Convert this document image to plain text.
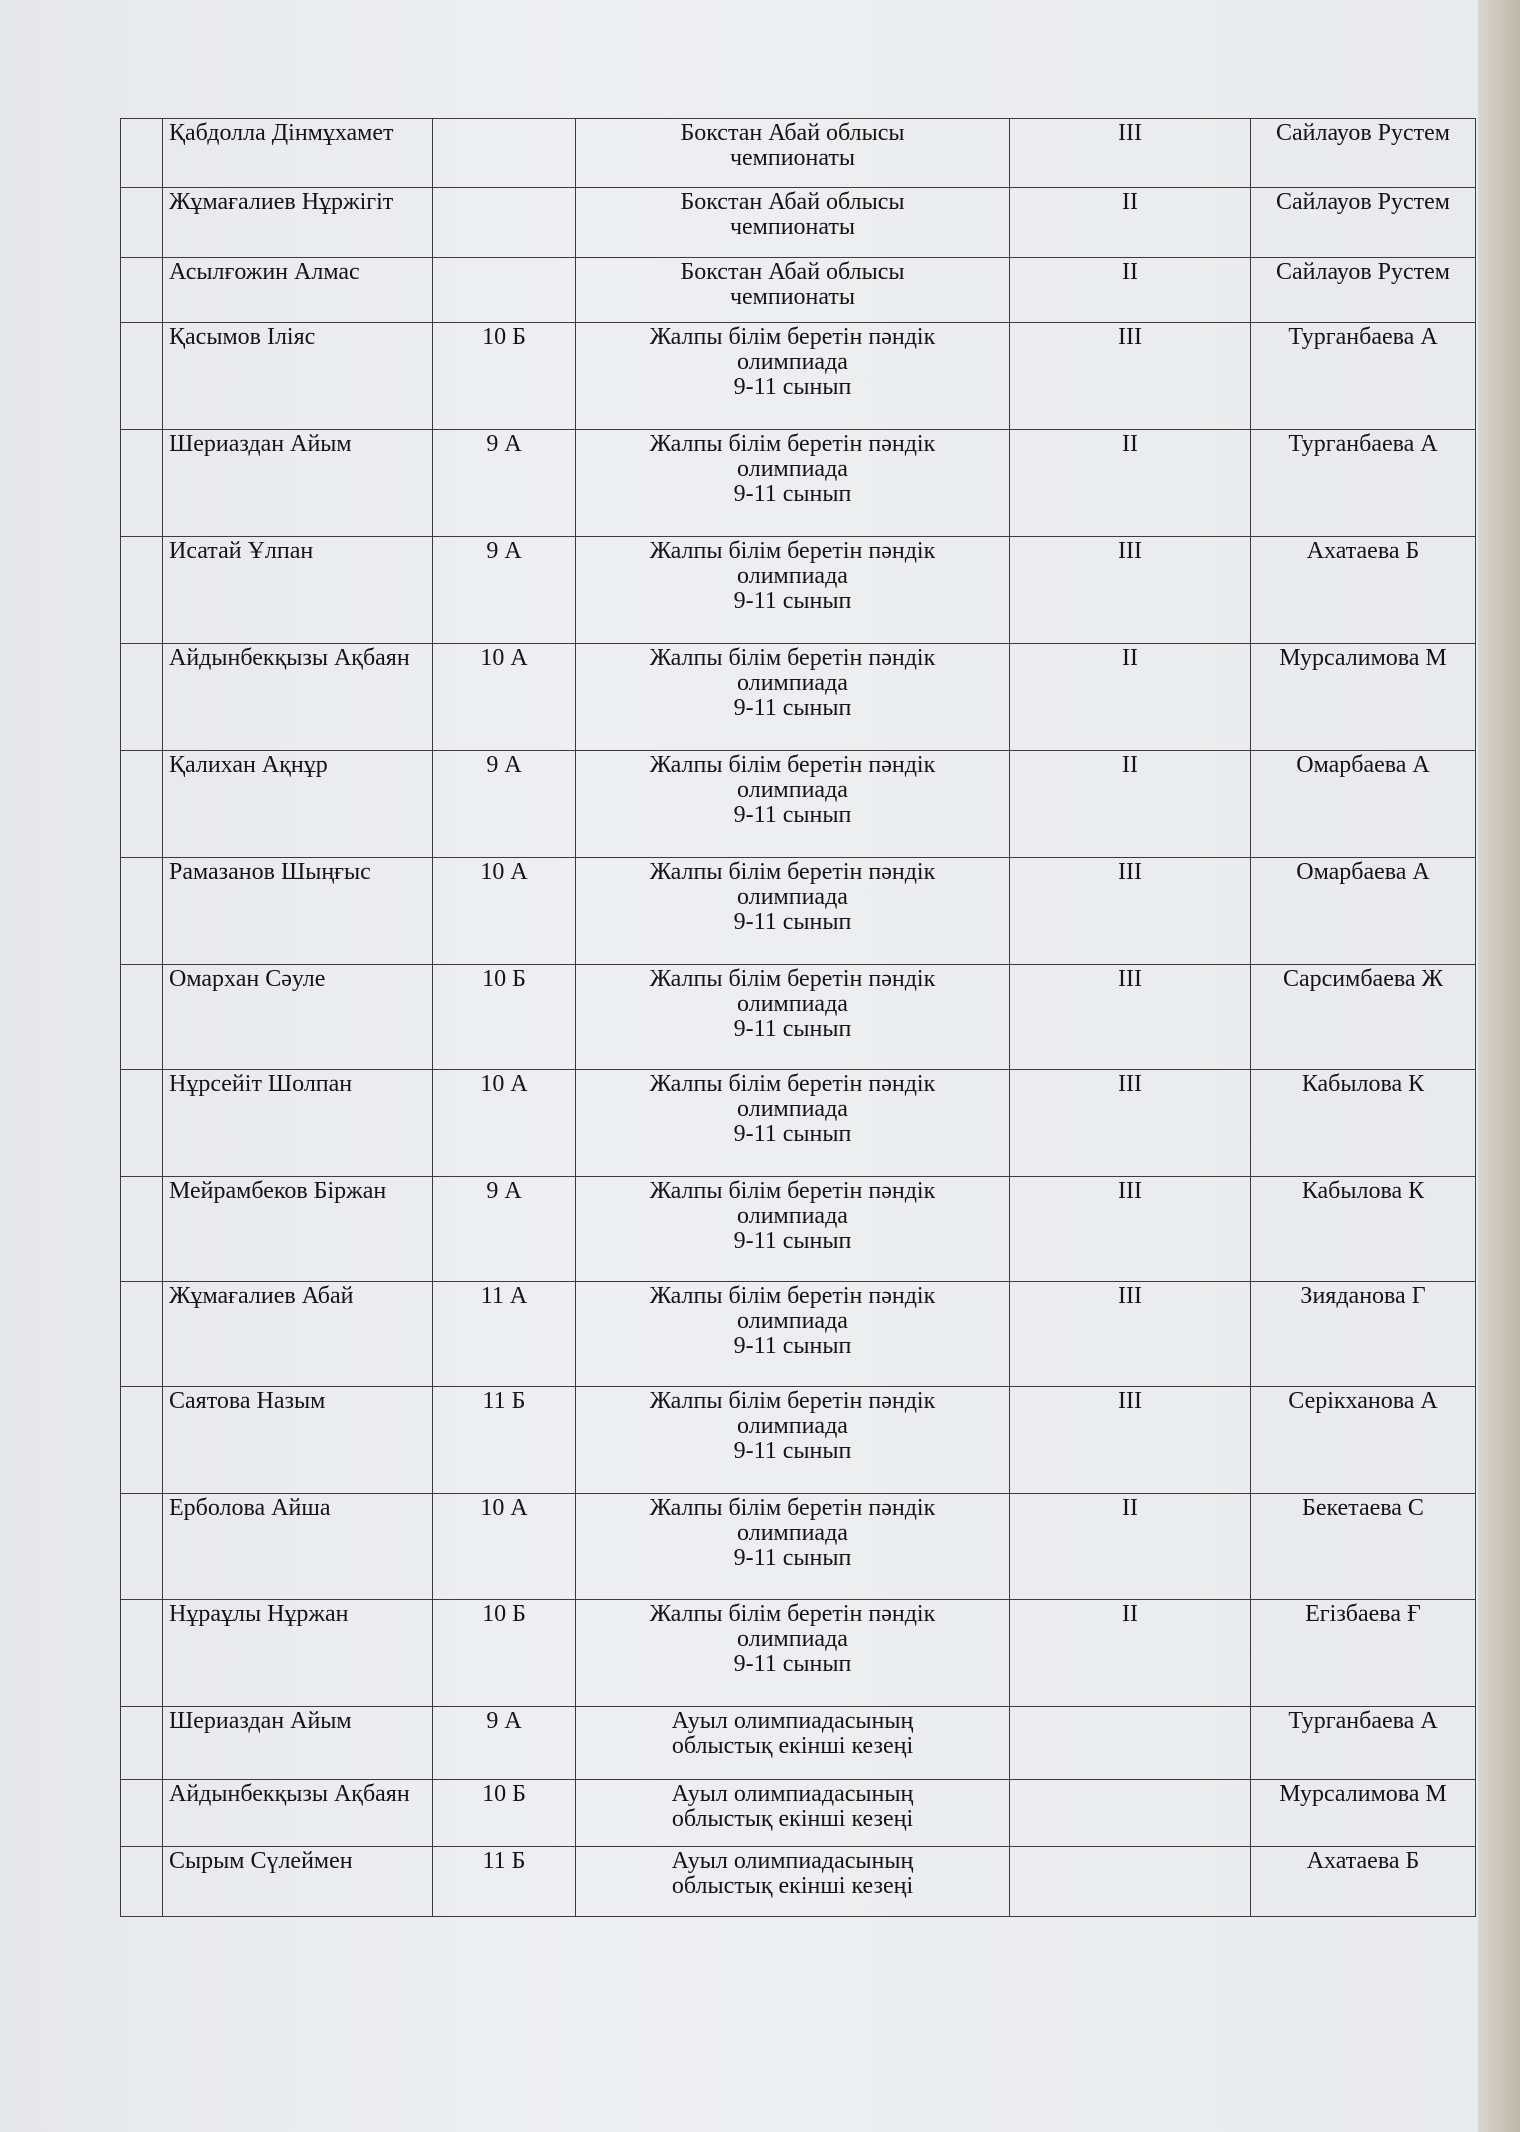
	Қабдолла Дінмұхамет		Бокстан Абай облысы
чемпионаты	III	Сайлауов Рустем
	Жұмағалиев Нұржігіт		Бокстан Абай облысы
чемпионаты	II	Сайлауов Рустем
	Асылғожин Алмас		Бокстан Абай облысы
чемпионаты	II	Сайлауов Рустем
	Қасымов Іліяс	10 Б	Жалпы білім беретін пәндік
олимпиада
9-11 сынып	III	Турганбаева А
	Шериаздан Айым	9 А	Жалпы білім беретін пәндік
олимпиада
9-11 сынып	II	Турганбаева А
	Исатай Ұлпан	9 А	Жалпы білім беретін пәндік
олимпиада
9-11 сынып	III	Ахатаева Б
	Айдынбекқызы Ақбаян	10 А	Жалпы білім беретін пәндік
олимпиада
9-11 сынып	II	Мурсалимова М
	Қалихан Ақнұр	9 А	Жалпы білім беретін пәндік
олимпиада
9-11 сынып	II	Омарбаева А
	Рамазанов Шыңғыс	10 А	Жалпы білім беретін пәндік
олимпиада
9-11 сынып	III	Омарбаева А
	Омархан Сәуле	10 Б	Жалпы білім беретін пәндік
олимпиада
9-11 сынып	III	Сарсимбаева Ж
	Нұрсейіт Шолпан	10 А	Жалпы білім беретін пәндік
олимпиада
9-11 сынып	III	Кабылова К
	Мейрамбеков Біржан	9 А	Жалпы білім беретін пәндік
олимпиада
9-11 сынып	III	Кабылова К
	Жұмағалиев Абай	11 А	Жалпы білім беретін пәндік
олимпиада
9-11 сынып	III	Зияданова Г
	Саятова Назым	11 Б	Жалпы білім беретін пәндік
олимпиада
9-11 сынып	III	Серікханова А
	Ерболова Айша	10 А	Жалпы білім беретін пәндік
олимпиада
9-11 сынып	II	Бекетаева С
	Нұраұлы Нұржан	10 Б	Жалпы білім беретін пәндік
олимпиада
9-11 сынып	II	Егізбаева Ғ
	Шериаздан Айым	9 А	Ауыл олимпиадасының
облыстық екінші кезеңі		Турганбаева А
	Айдынбекқызы Ақбаян	10 Б	Ауыл олимпиадасының
облыстық екінші кезеңі		Мурсалимова М
	Сырым Сүлеймен	11 Б	Ауыл олимпиадасының
облыстық екінші кезеңі		Ахатаева Б
